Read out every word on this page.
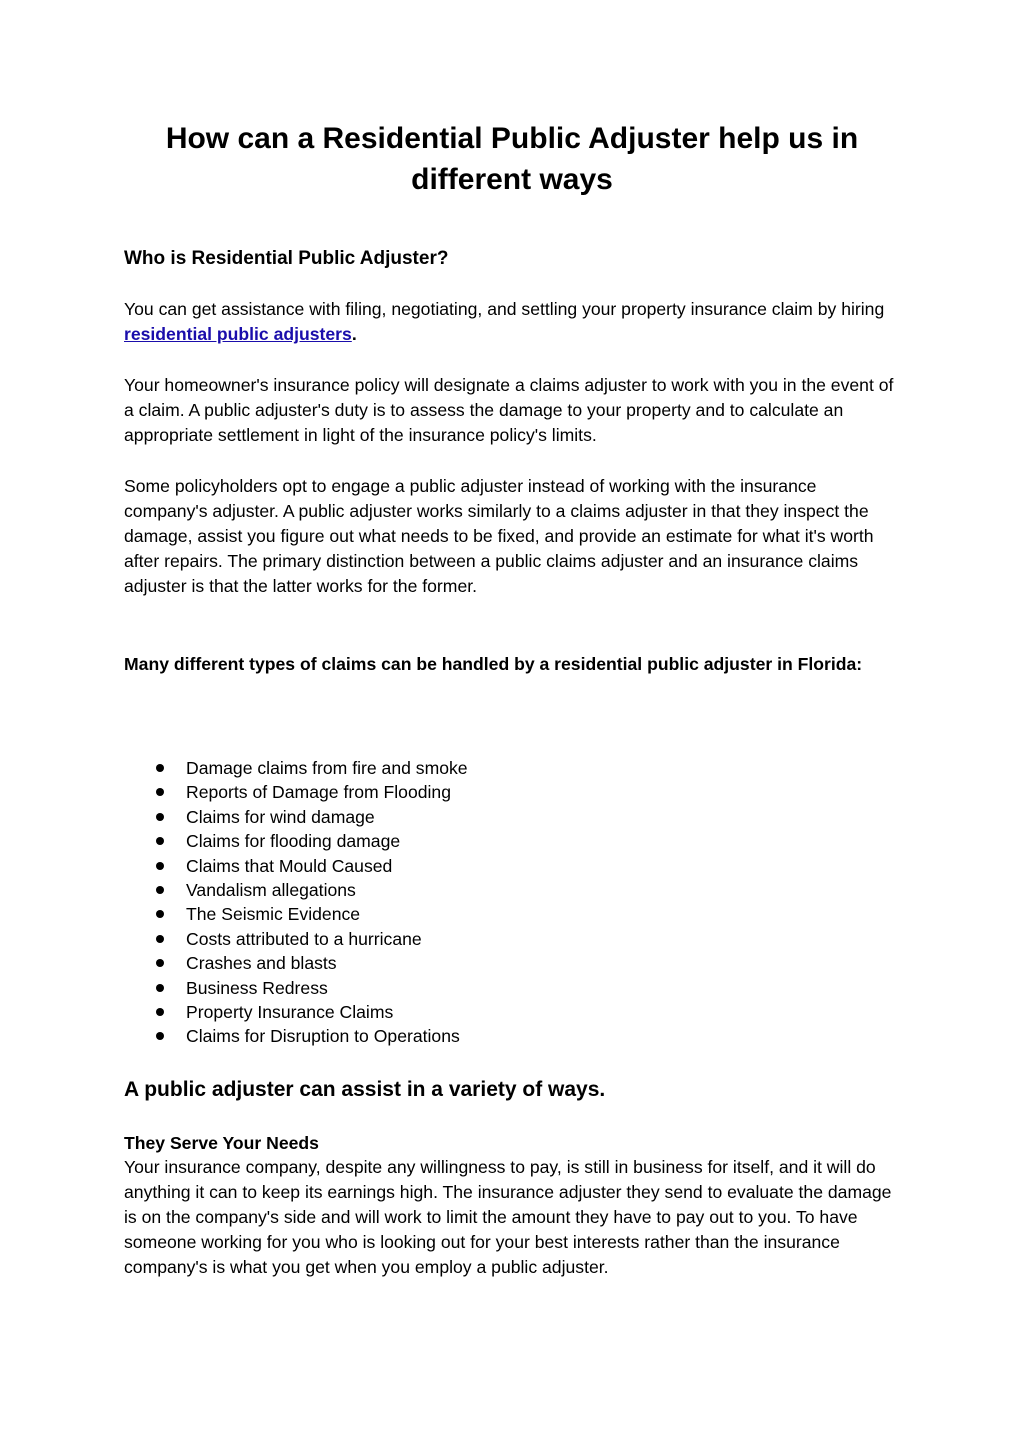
How can a Residential Public Adjuster help us in different ways
Who is Residential Public Adjuster?

You can get assistance with filing, negotiating, and settling your property insurance claim by hiring residential public adjusters.

Your homeowner's insurance policy will designate a claims adjuster to work with you in the event of a claim. A public adjuster's duty is to assess the damage to your property and to calculate an appropriate settlement in light of the insurance policy's limits.

Some policyholders opt to engage a public adjuster instead of working with the insurance company's adjuster. A public adjuster works similarly to a claims adjuster in that they inspect the damage, assist you figure out what needs to be fixed, and provide an estimate for what it's worth after repairs. The primary distinction between a public claims adjuster and an insurance claims adjuster is that the latter works for the former.

Many different types of claims can be handled by a residential public adjuster in Florida:

Damage claims from fire and smoke
Reports of Damage from Flooding
Claims for wind damage
Claims for flooding damage
Claims that Mould Caused
Vandalism allegations
The Seismic Evidence
Costs attributed to a hurricane
Crashes and blasts
Business Redress
Property Insurance Claims
Claims for Disruption to Operations
A public adjuster can assist in a variety of ways.
They Serve Your Needs

Your insurance company, despite any willingness to pay, is still in business for itself, and it will do anything it can to keep its earnings high. The insurance adjuster they send to evaluate the damage is on the company's side and will work to limit the amount they have to pay out to you. To have someone working for you who is looking out for your best interests rather than the insurance company's is what you get when you employ a public adjuster.
